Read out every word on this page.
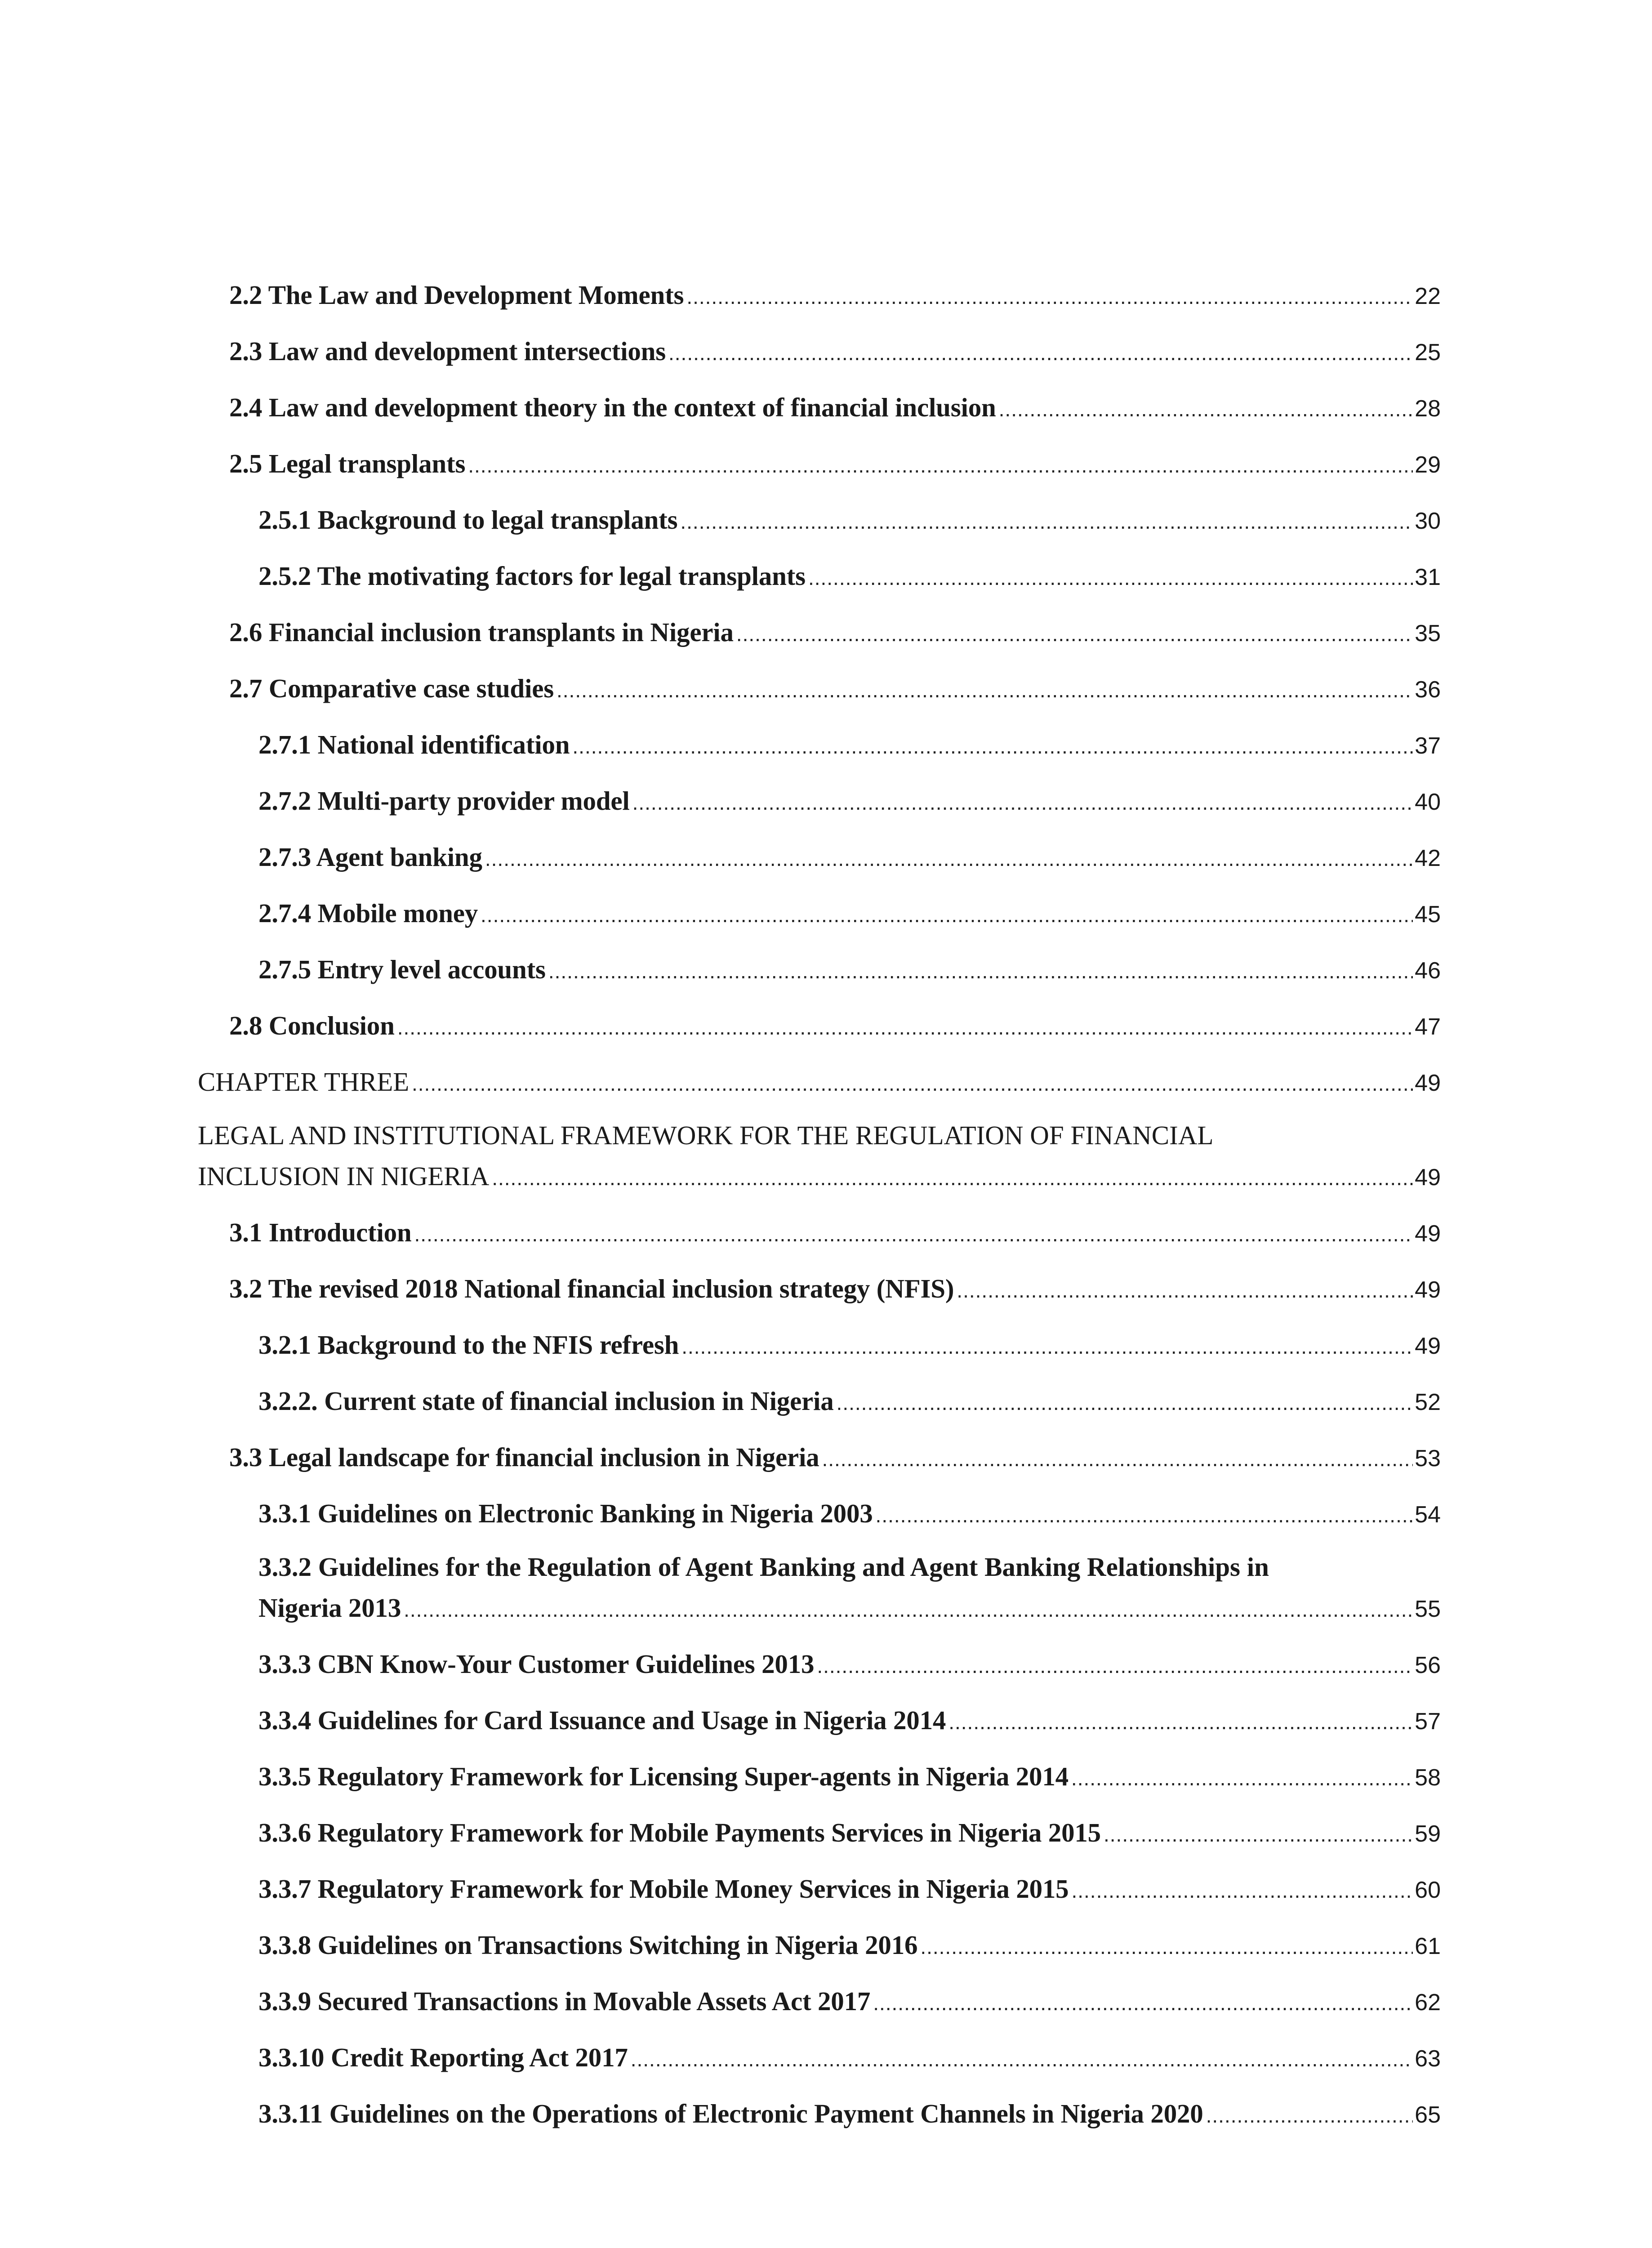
2.2 The Law and Development Moments .....	22
2.3 Law and development intersections .....	25
2.4 Law and development theory in the context of financial inclusion .....	28
2.5 Legal transplants .....	29
2.5.1 Background to legal transplants .....	30
2.5.2 The motivating factors for legal transplants .....	31
2.6 Financial inclusion transplants in Nigeria .....	35
2.7 Comparative case studies .....	36
2.7.1 National identification .....	37
2.7.2 Multi-party provider model .....	40
2.7.3 Agent banking .....	42
2.7.4 Mobile money .....	45
2.7.5 Entry level accounts .....	46
2.8 Conclusion .....	47
CHAPTER THREE .....	49
LEGAL AND INSTITUTIONAL FRAMEWORK FOR THE REGULATION OF FINANCIAL
INCLUSION IN NIGERIA .....	49
3.1 Introduction .....	49
3.2 The revised 2018 National financial inclusion strategy (NFIS) .....	49
3.2.1 Background to the NFIS refresh .....	49
3.2.2. Current state of financial inclusion in Nigeria .....	52
3.3 Legal landscape for financial inclusion in Nigeria .....	53
3.3.1 Guidelines on Electronic Banking in Nigeria 2003 .....	54
3.3.2 Guidelines for the Regulation of Agent Banking and Agent Banking Relationships in
Nigeria 2013 .....	55
3.3.3 CBN Know-Your Customer Guidelines 2013 .....	56
3.3.4 Guidelines for Card Issuance and Usage in Nigeria 2014 .....	57
3.3.5 Regulatory Framework for Licensing Super-agents in Nigeria 2014 .....	58
3.3.6 Regulatory Framework for Mobile Payments Services in Nigeria 2015 .....	59
3.3.7 Regulatory Framework for Mobile Money Services in Nigeria 2015 .....	60
3.3.8 Guidelines on Transactions Switching in Nigeria 2016 .....	61
3.3.9 Secured Transactions in Movable Assets Act 2017 .....	62
3.3.10 Credit Reporting Act 2017 .....	63
3.3.11 Guidelines on the Operations of Electronic Payment Channels in Nigeria 2020 .....	65
